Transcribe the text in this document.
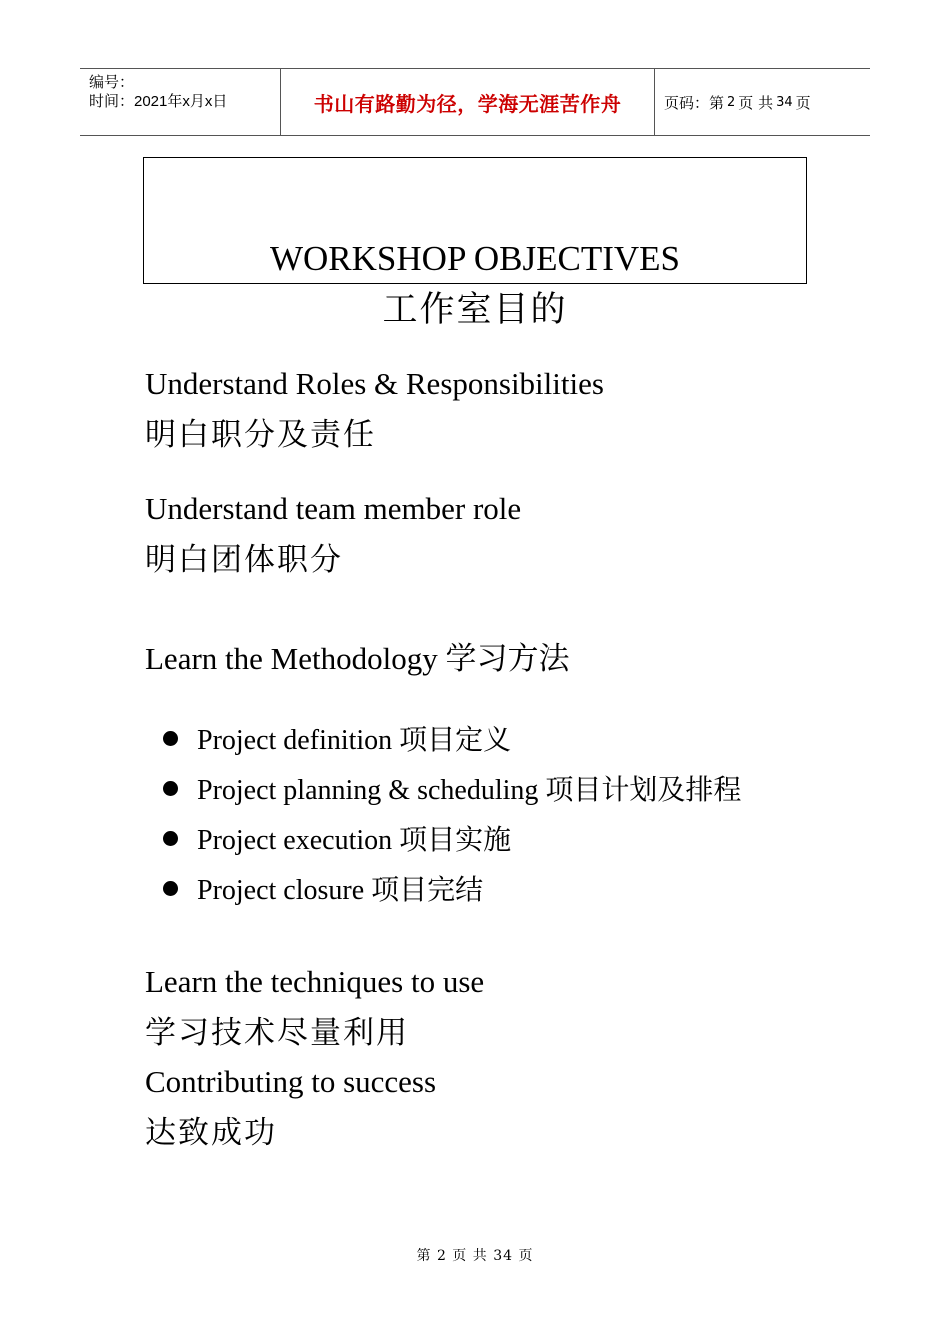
编号：
时间：2021年x月x日	书山有路勤为径，学海无涯苦作舟	页码：第 2 页 共 34 页
WORKSHOP OBJECTIVES
工作室目的
Understand Roles & Responsibilities
明白职分及责任
Understand team member role
明白团体职分
Learn the Methodology 学习方法
Project definition 项目定义
Project planning & scheduling 项目计划及排程
Project execution 项目实施
Project closure 项目完结
Learn the techniques to use
学习技术尽量利用
Contributing to success
达致成功
第 2 页 共 34 页
